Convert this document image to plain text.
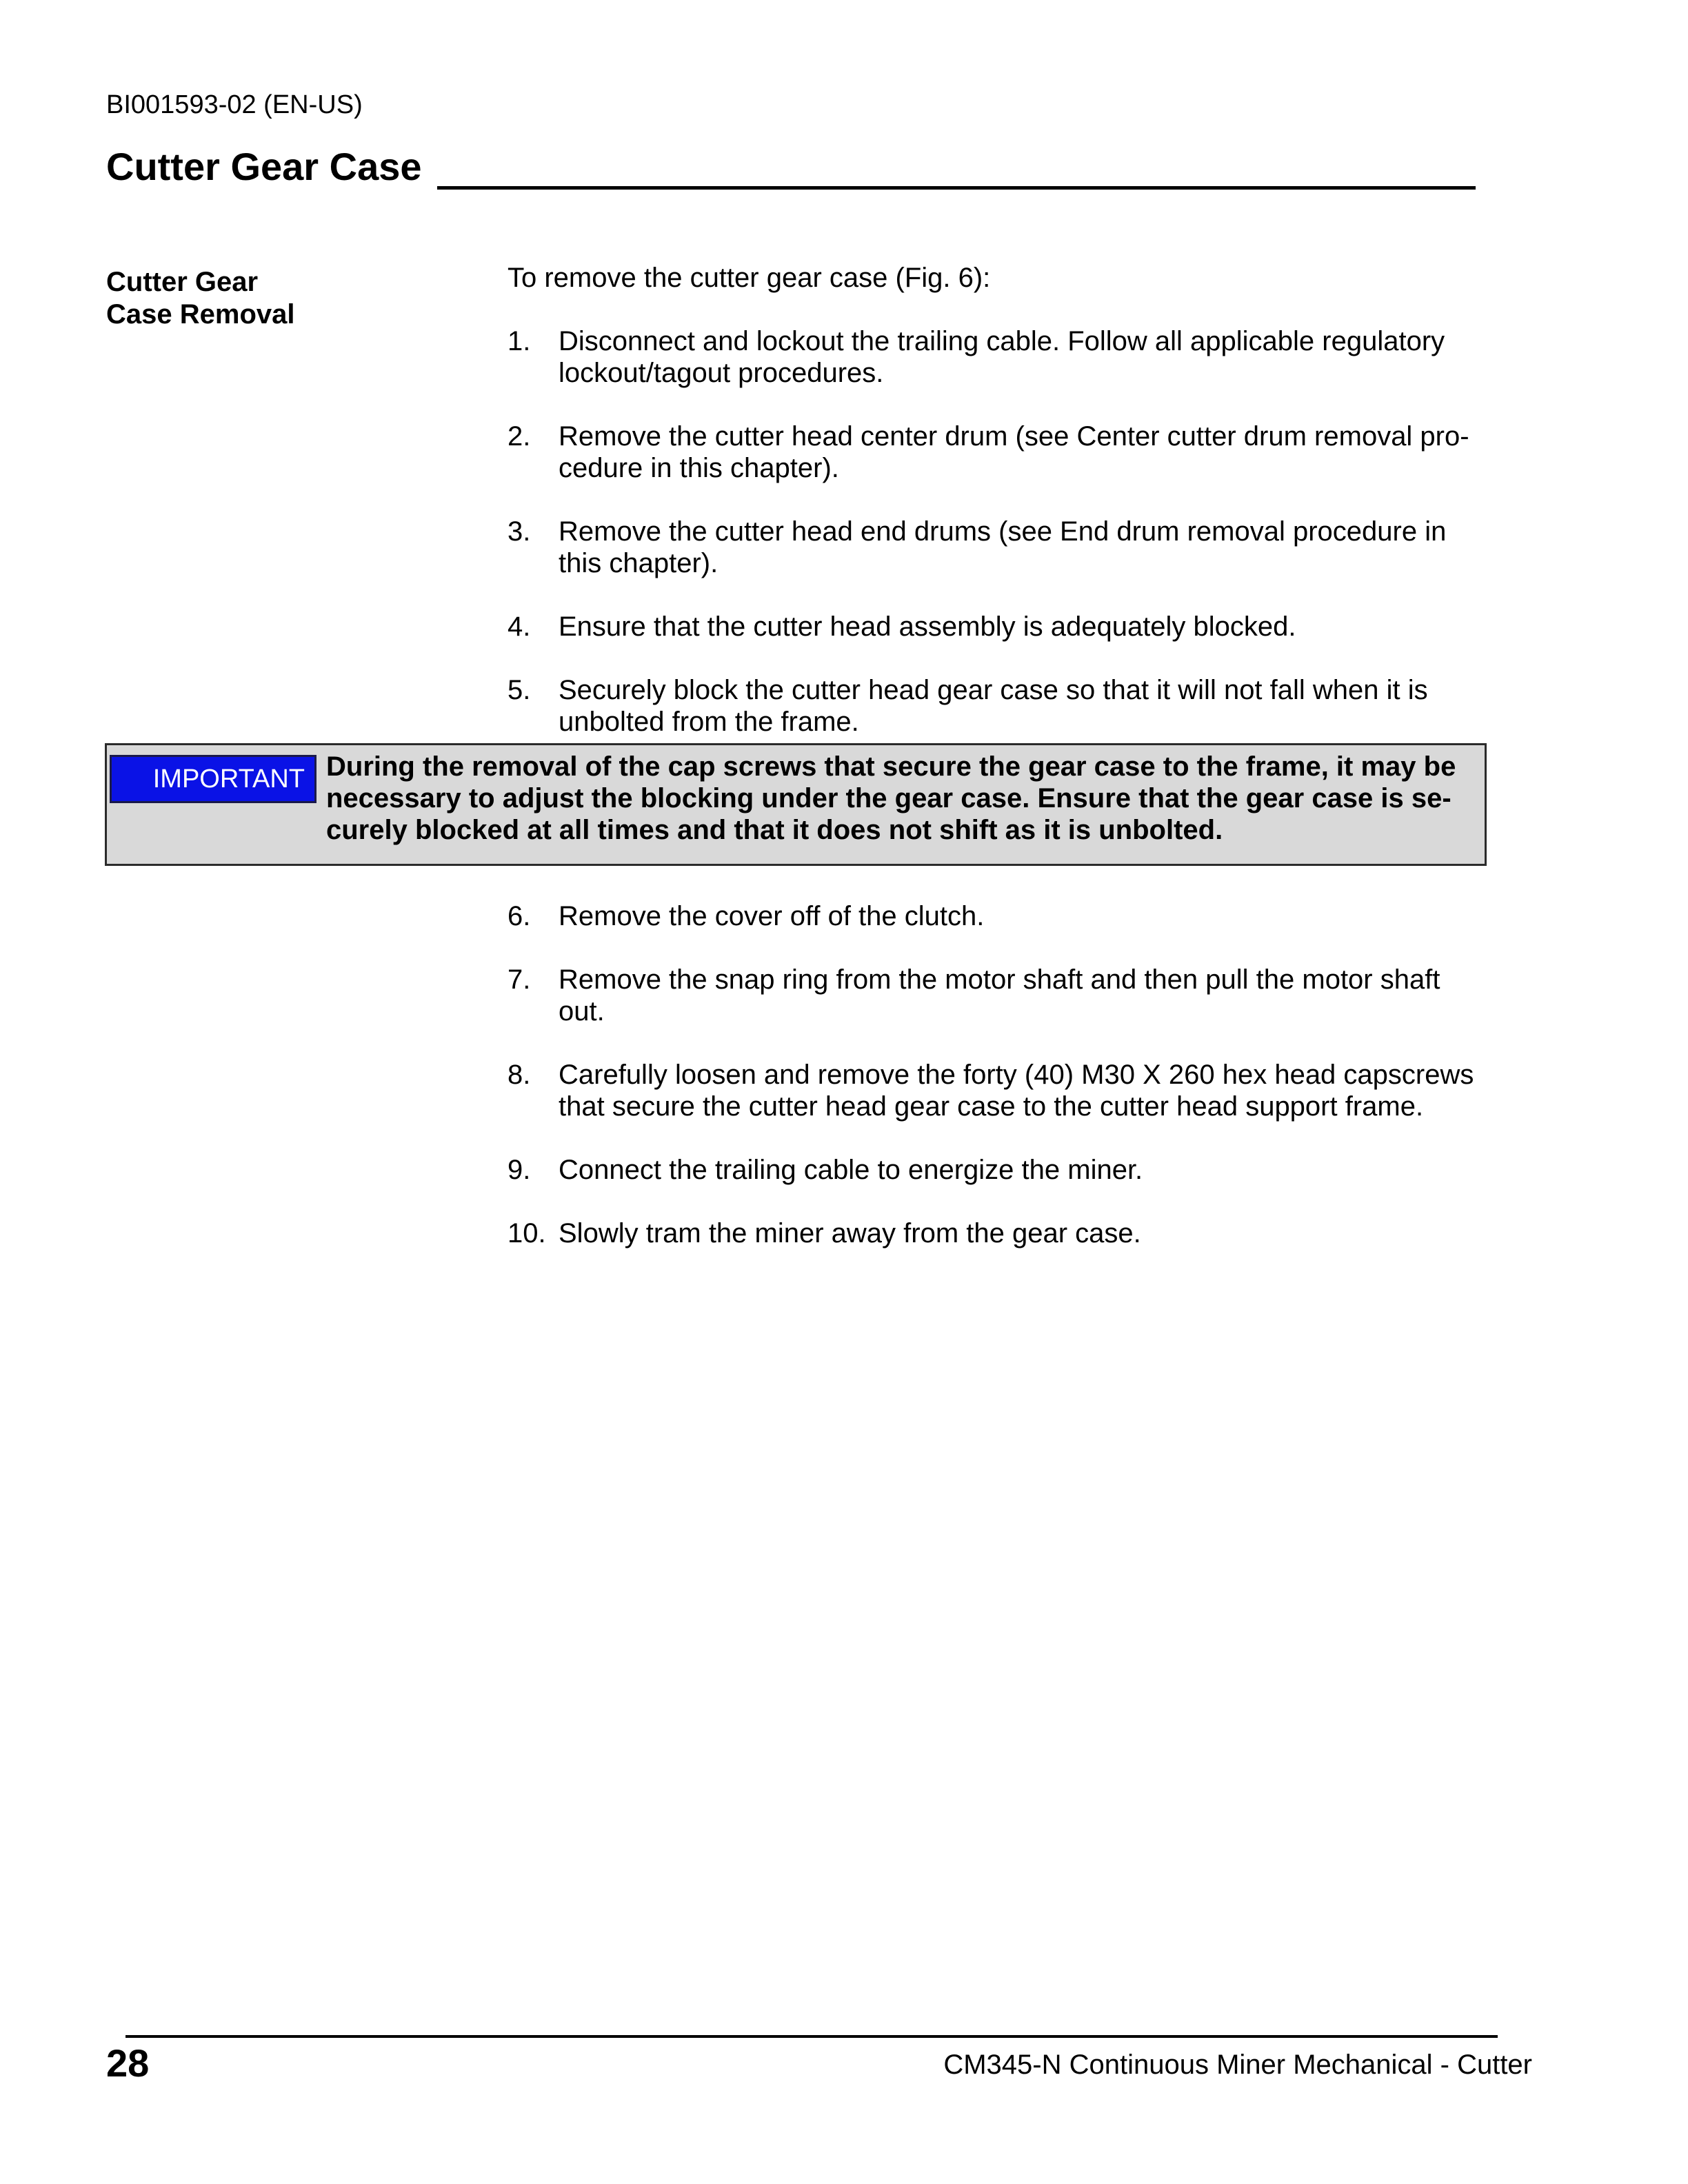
BI001593-02 (EN-US)
Cutter Gear Case
Cutter Gear
Case Removal
To remove the cutter gear case (Fig. 6):
1. Disconnect and lockout the trailing cable. Follow all applicable regulatory lockout/tagout procedures.
2. Remove the cutter head center drum (see Center cutter drum removal pro-cedure in this chapter).
3. Remove the cutter head end drums (see End drum removal procedure in this chapter).
4. Ensure that the cutter head assembly is adequately blocked.
5. Securely block the cutter head gear case so that it will not fall when it is unbolted from the frame.
IMPORTANT During the removal of the cap screws that secure the gear case to the frame, it may be necessary to adjust the blocking under the gear case. Ensure that the gear case is se-curely blocked at all times and that it does not shift as it is unbolted.
6. Remove the cover off of the clutch.
7. Remove the snap ring from the motor shaft and then pull the motor shaft out.
8. Carefully loosen and remove the forty (40) M30 X 260 hex head capscrews that secure the cutter head gear case to the cutter head support frame.
9. Connect the trailing cable to energize the miner.
10. Slowly tram the miner away from the gear case.
28	CM345-N Continuous Miner Mechanical - Cutter
